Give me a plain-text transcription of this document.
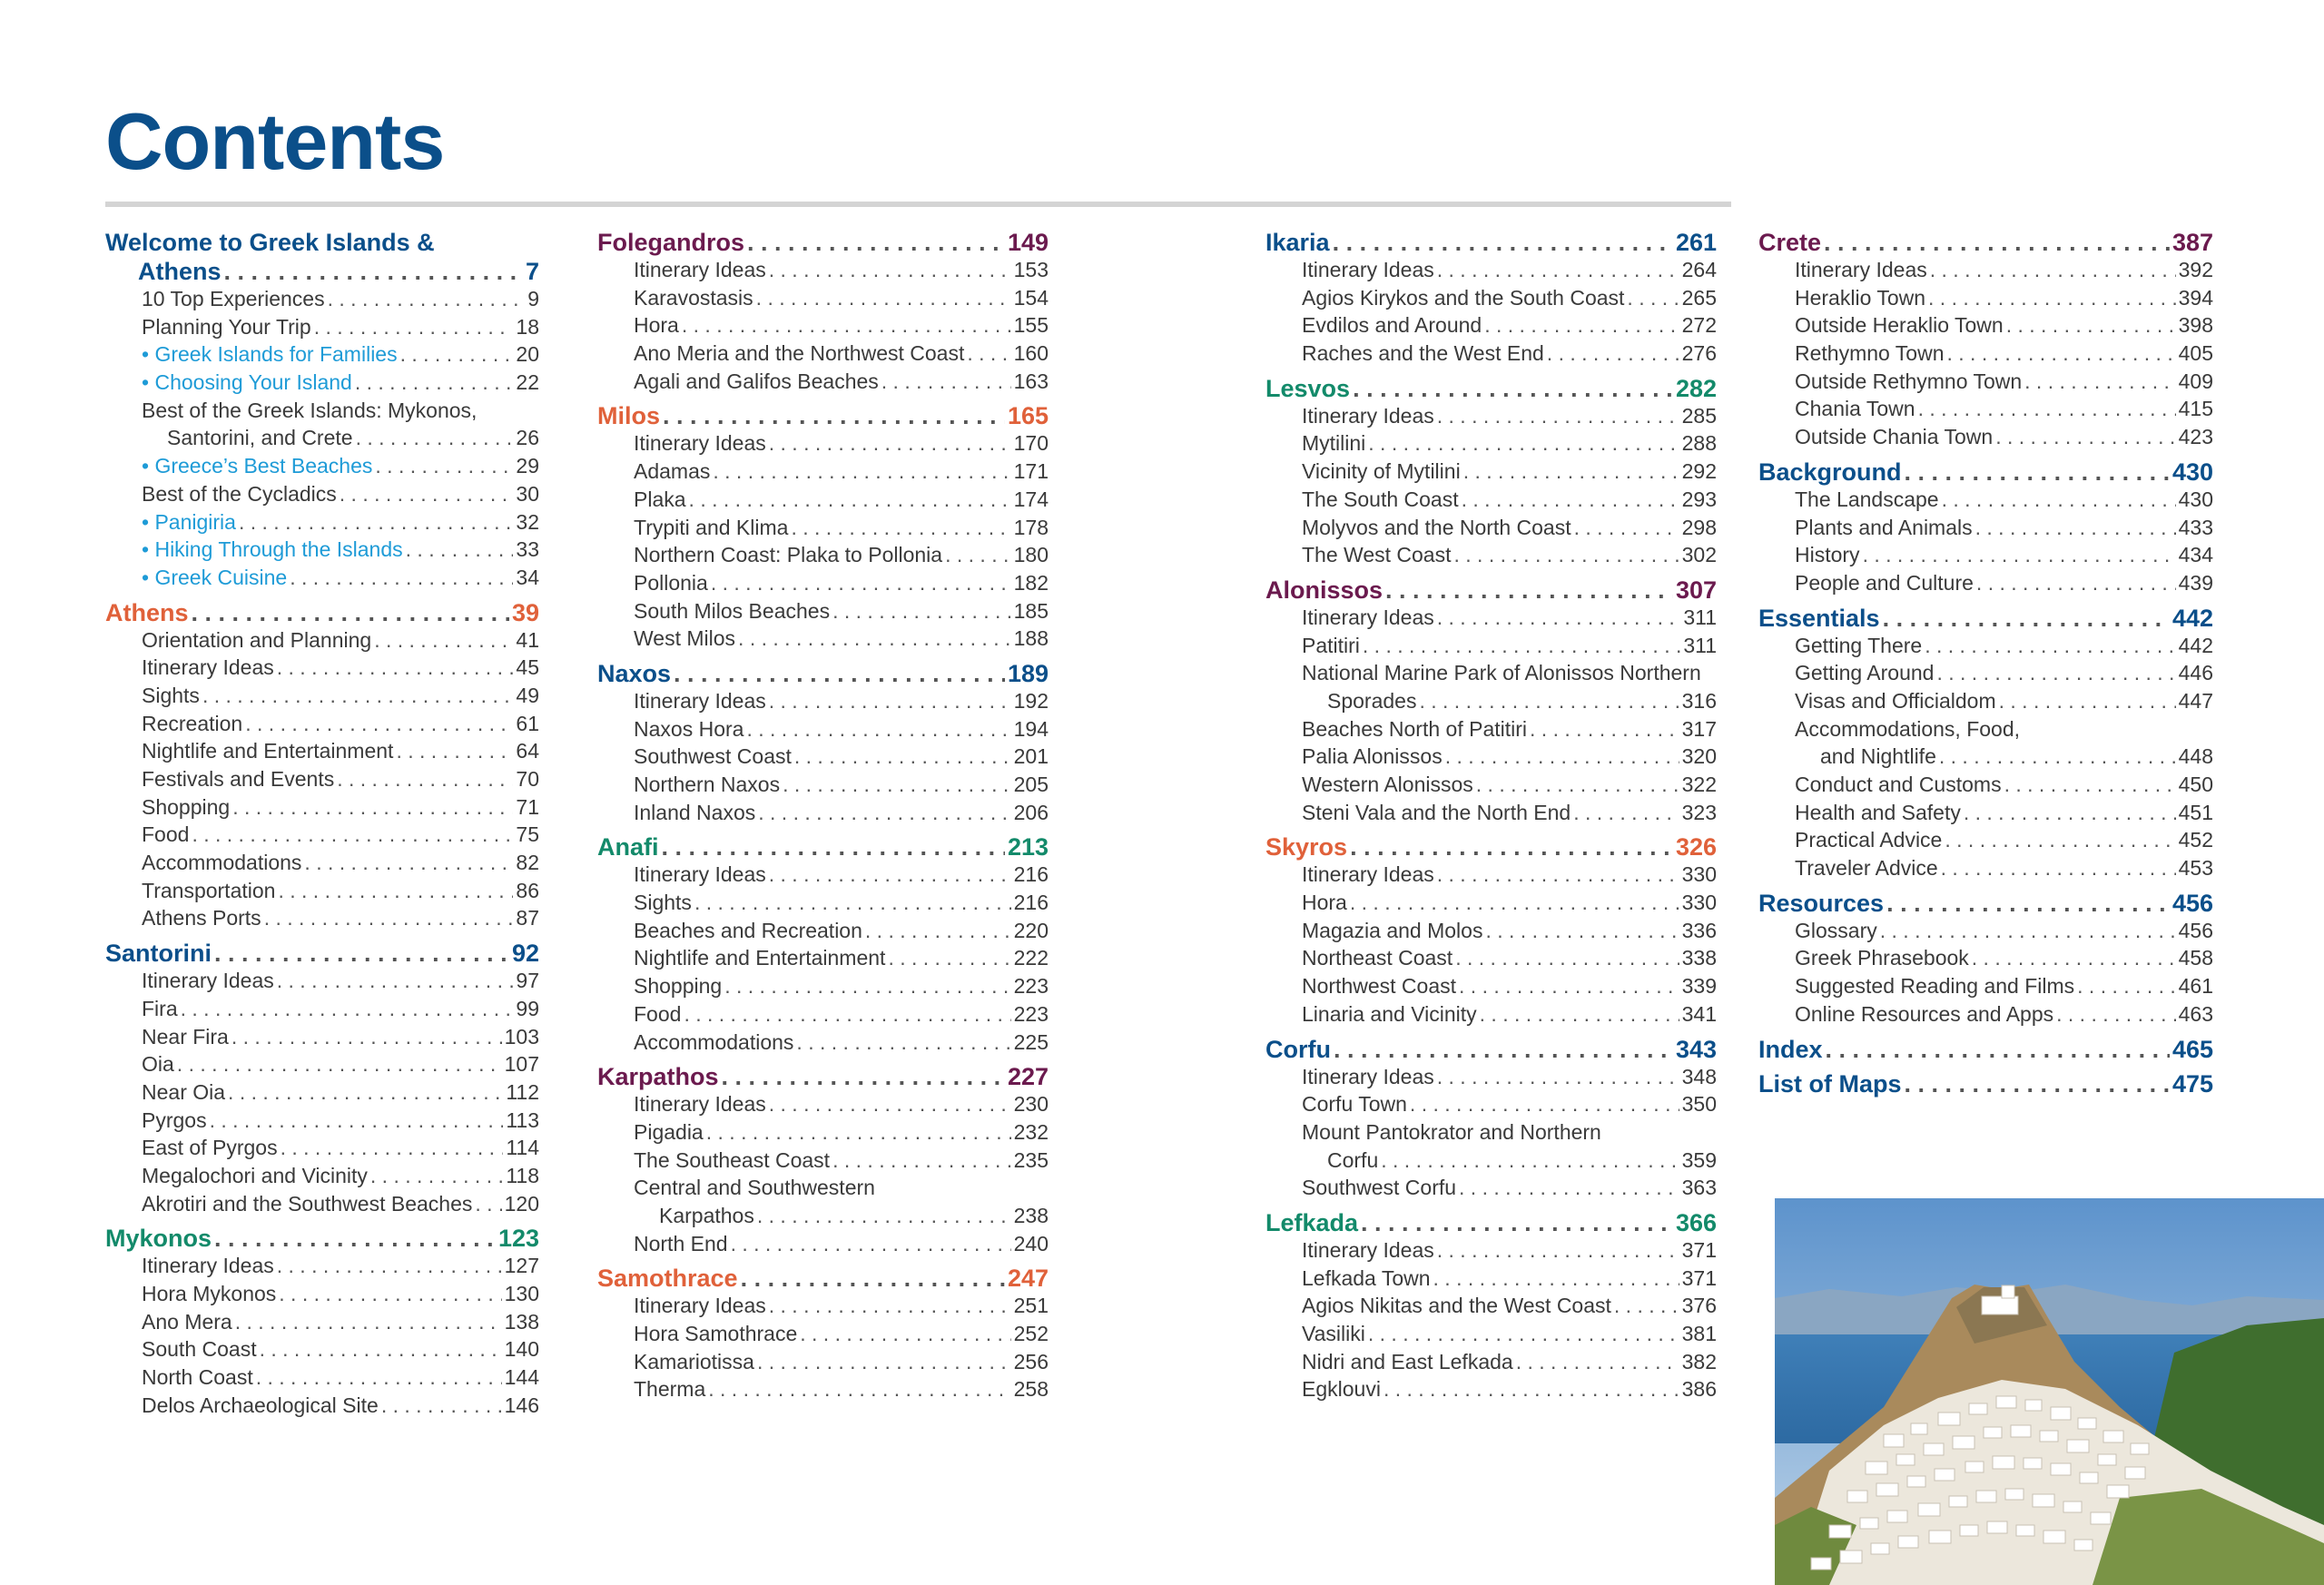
Contents
Welcome to Greek Islands &
Athens . . .	7
10 Top Experiences . . .	9
Planning Your Trip . . .	18
• Greek Islands for Families . . .	20
• Choosing Your Island . . .	22
Best of the Greek Islands: Mykonos,
Santorini, and Crete . . .	26
• Greece’s Best Beaches . . .	29
Best of the Cycladics . . .	30
• Panigiria . . .	32
• Hiking Through the Islands . . .	33
• Greek Cuisine . . .	34
Athens . . .	39
Orientation and Planning . . .	41
Itinerary Ideas . . .	45
Sights . . .	49
Recreation . . .	61
Nightlife and Entertainment . . .	64
Festivals and Events . . .	70
Shopping . . .	71
Food . . .	75
Accommodations . . .	82
Transportation . . .	86
Athens Ports . . .	87
Santorini . . .	92
Itinerary Ideas . . .	97
Fira . . .	99
Near Fira . . .	103
Oia . . .	107
Near Oia . . .	112
Pyrgos . . .	113
East of Pyrgos . . .	114
Megalochori and Vicinity . . .	118
Akrotiri and the Southwest Beaches . . . 120
Mykonos . . .	123
Itinerary Ideas . . .	127
Hora Mykonos . . .	130
Ano Mera . . .	138
South Coast . . .	140
North Coast . . .	144
Delos Archaeological Site . . .	146
Folegandros . . .	149
Itinerary Ideas . . .	153
Karavostasis . . .	154
Hora . . .	155
Ano Meria and the Northwest Coast . . . 160
Agali and Galifos Beaches . . .	163
Milos . . .	165
Itinerary Ideas . . .	170
Adamas . . .	171
Plaka . . .	174
Trypiti and Klima . . .	178
Northern Coast: Plaka to Pollonia . . .	180
Pollonia . . .	182
South Milos Beaches . . .	185
West Milos . . .	188
Naxos . . .	189
Itinerary Ideas . . .	192
Naxos Hora . . .	194
Southwest Coast . . .	201
Northern Naxos . . .	205
Inland Naxos . . .	206
Anafi . . .	213
Itinerary Ideas . . .	216
Sights . . .	216
Beaches and Recreation . . .	220
Nightlife and Entertainment . . .	222
Shopping . . .	223
Food . . .	223
Accommodations . . .	225
Karpathos . . .	227
Itinerary Ideas . . .	230
Pigadia . . .	232
The Southeast Coast . . .	235
Central and Southwestern
Karpathos . . .	238
North End . . .	240
Samothrace . . .	247
Itinerary Ideas . . .	251
Hora Samothrace . . .	252
Kamariotissa . . .	256
Therma . . .	258
Ikaria . . .	261
Itinerary Ideas . . .	264
Agios Kirykos and the South Coast . . .	265
Evdilos and Around . . .	272
Raches and the West End . . .	276
Lesvos . . .	282
Itinerary Ideas . . .	285
Mytilini . . .	288
Vicinity of Mytilini . . .	292
The South Coast . . .	293
Molyvos and the North Coast . . .	298
The West Coast . . .	302
Alonissos . . .	307
Itinerary Ideas . . .	311
Patitiri . . .	311
National Marine Park of Alonissos Northern
Sporades . . .	316
Beaches North of Patitiri . . .	317
Palia Alonissos . . .	320
Western Alonissos . . .	322
Steni Vala and the North End . . .	323
Skyros . . .	326
Itinerary Ideas . . .	330
Hora . . .	330
Magazia and Molos . . .	336
Northeast Coast . . .	338
Northwest Coast . . .	339
Linaria and Vicinity . . .	341
Corfu . . .	343
Itinerary Ideas . . .	348
Corfu Town . . .	350
Mount Pantokrator and Northern
Corfu . . .	359
Southwest Corfu . . .	363
Lefkada . . .	366
Itinerary Ideas . . .	371
Lefkada Town . . .	371
Agios Nikitas and the West Coast . . .	376
Vasiliki . . .	381
Nidri and East Lefkada . . .	382
Egklouvi . . .	386
Crete . . .	387
Itinerary Ideas . . .	392
Heraklio Town . . .	394
Outside Heraklio Town . . .	398
Rethymno Town . . .	405
Outside Rethymno Town . . .	409
Chania Town . . .	415
Outside Chania Town . . .	423
Background . . .	430
The Landscape . . .	430
Plants and Animals . . .	433
History . . .	434
People and Culture . . .	439
Essentials . . .	442
Getting There . . .	442
Getting Around . . .	446
Visas and Officialdom . . .	447
Accommodations, Food,
and Nightlife . . .	448
Conduct and Customs . . .	450
Health and Safety . . .	451
Practical Advice . . .	452
Traveler Advice . . .	453
Resources . . .	456
Glossary . . .	456
Greek Phrasebook . . .	458
Suggested Reading and Films . . .	461
Online Resources and Apps . . .	463
Index . . .	465
List of Maps . . .	475
